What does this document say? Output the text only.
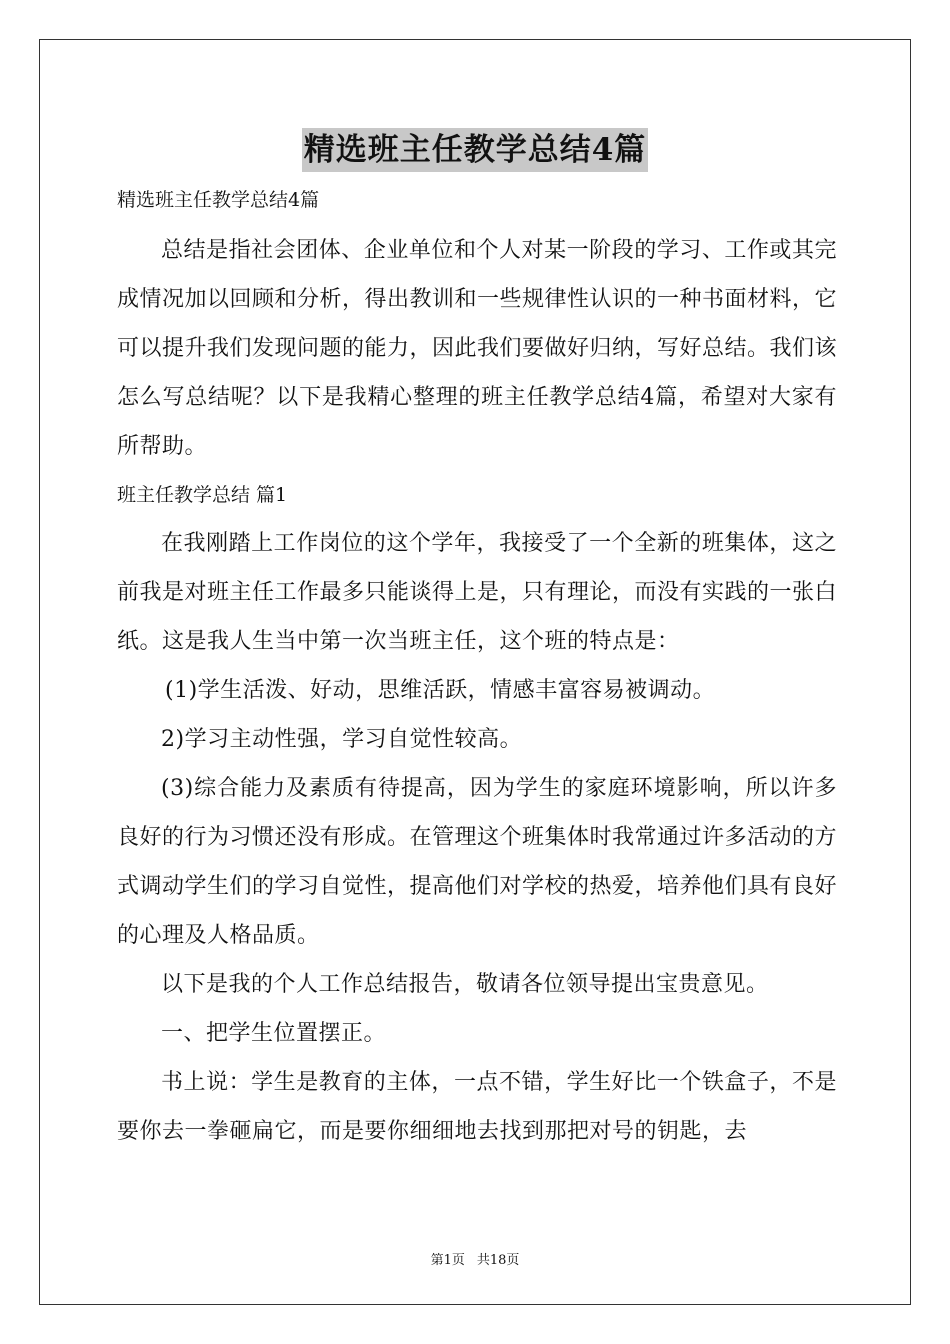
精选班主任教学总结4篇

精选班主任教学总结4篇

总结是指社会团体、企业单位和个人对某一阶段的学习、工作或其完成情况加以回顾和分析，得出教训和一些规律性认识的一种书面材料，它可以提升我们发现问题的能力，因此我们要做好归纳，写好总结。我们该怎么写总结呢？以下是我精心整理的班主任教学总结4篇，希望对大家有所帮助。

班主任教学总结 篇1

在我刚踏上工作岗位的这个学年，我接受了一个全新的班集体，这之前我是对班主任工作最多只能谈得上是，只有理论，而没有实践的一张白纸。这是我人生当中第一次当班主任，这个班的特点是：

(1)学生活泼、好动，思维活跃，情感丰富容易被调动。

2)学习主动性强，学习自觉性较高。

(3)综合能力及素质有待提高，因为学生的家庭环境影响，所以许多良好的行为习惯还没有形成。在管理这个班集体时我常通过许多活动的方式调动学生们的学习自觉性，提高他们对学校的热爱，培养他们具有良好的心理及人格品质。

以下是我的个人工作总结报告，敬请各位领导提出宝贵意见。

一、把学生位置摆正。

书上说：学生是教育的主体，一点不错，学生好比一个铁盒子，不是要你去一拳砸扁它，而是要你细细地去找到那把对号的钥匙，去

第1页 共18页
